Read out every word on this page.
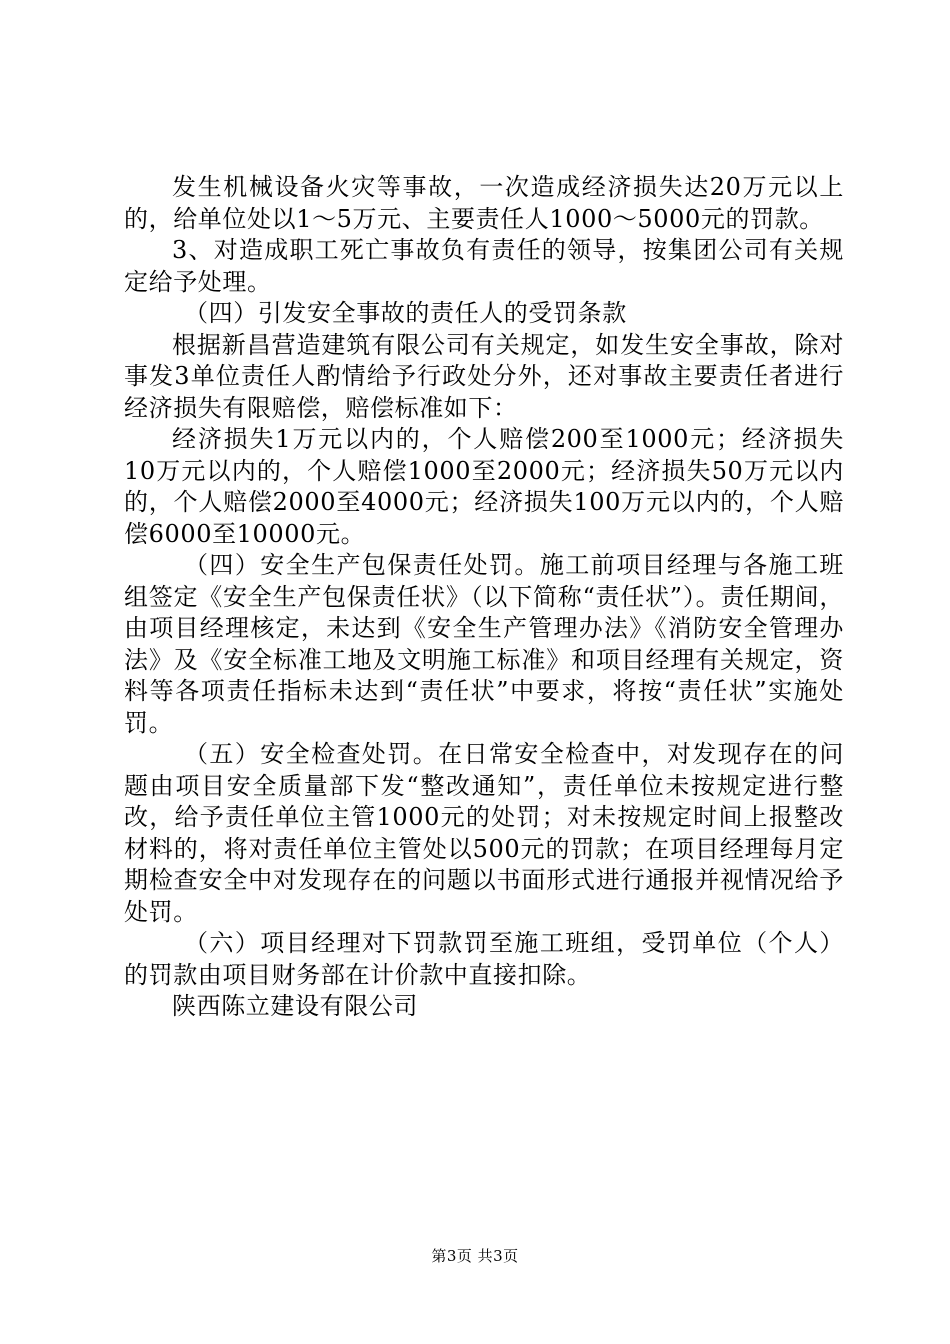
发生机械设备火灾等事故，一次造成经济损失达20万元以上的，给单位处以1～5万元、主要责任人1000～5000元的罚款。

3、对造成职工死亡事故负有责任的领导，按集团公司有关规定给予处理。

（四）引发安全事故的责任人的受罚条款

根据新昌营造建筑有限公司有关规定，如发生安全事故，除对事发3单位责任人酌情给予行政处分外，还对事故主要责任者进行经济损失有限赔偿，赔偿标准如下：

经济损失1万元以内的，个人赔偿200至1000元；经济损失10万元以内的，个人赔偿1000至2000元；经济损失50万元以内的，个人赔偿2000至4000元；经济损失100万元以内的，个人赔偿6000至10000元。

（四）安全生产包保责任处罚。施工前项目经理与各施工班组签定《安全生产包保责任状》（以下简称“责任状”）。责任期间，由项目经理核定，未达到《安全生产管理办法》《消防安全管理办法》及《安全标准工地及文明施工标准》和项目经理有关规定，资料等各项责任指标未达到“责任状”中要求，将按“责任状”实施处罚。

（五）安全检查处罚。在日常安全检查中，对发现存在的问题由项目安全质量部下发“整改通知”，责任单位未按规定进行整改，给予责任单位主管1000元的处罚；对未按规定时间上报整改材料的，将对责任单位主管处以500元的罚款；在项目经理每月定期检查安全中对发现存在的问题以书面形式进行通报并视情况给予处罚。

（六）项目经理对下罚款罚至施工班组，受罚单位（个人）的罚款由项目财务部在计价款中直接扣除。

陕西陈立建设有限公司

第3页 共3页
